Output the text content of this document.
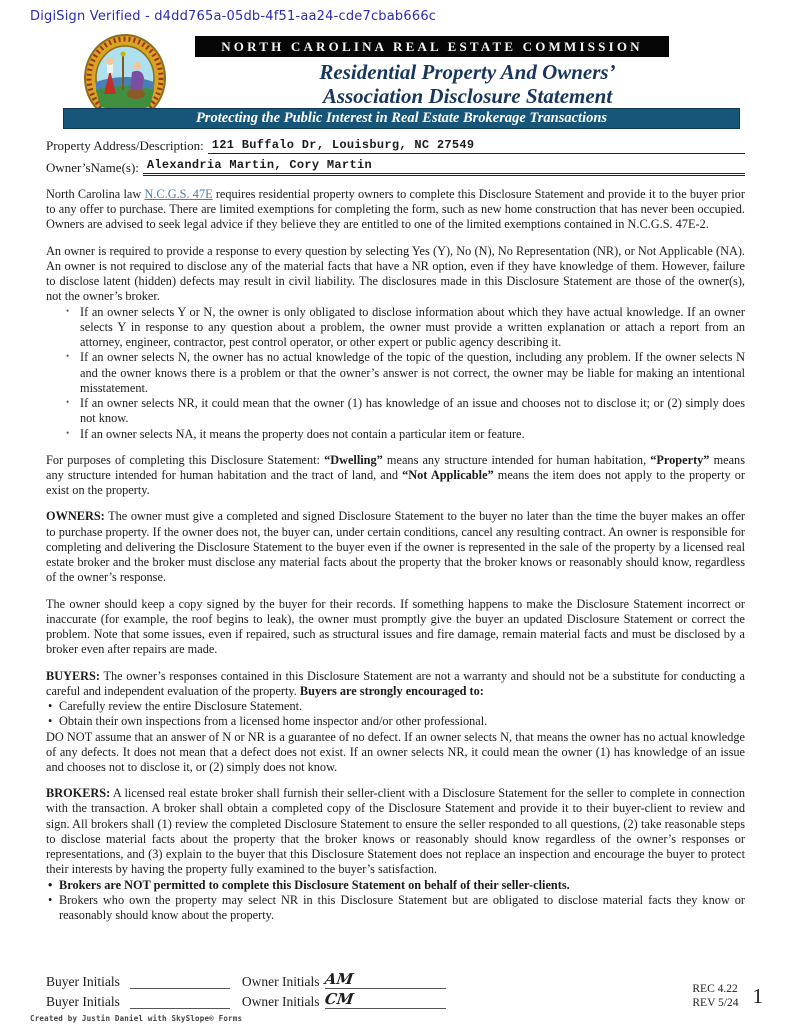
DigiSign Verified - d4dd765a-05db-4f51-aa24-cde7cbab666c
NORTH CAROLINA REAL ESTATE COMMISSION
Residential Property And Owners’
Association Disclosure Statement
Protecting the Public Interest in Real Estate Brokerage Transactions
Property Address/Description: 121 Buffalo Dr, Louisburg, NC 27549
Owner’sName(s): Alexandria Martin, Cory Martin

North Carolina law N.C.G.S. 47E requires residential property owners to complete this Disclosure Statement and provide it to the buyer prior to any offer to purchase. There are limited exemptions for completing the form, such as new home construction that has never been occupied. Owners are advised to seek legal advice if they believe they are entitled to one of the limited exemptions contained in N.C.G.S. 47E-2.

An owner is required to provide a response to every question by selecting Yes (Y), No (N), No Representation (NR), or Not Applicable (NA). An owner is not required to disclose any of the material facts that have a NR option, even if they have knowledge of them. However, failure to disclose latent (hidden) defects may result in civil liability. The disclosures made in this Disclosure Statement are those of the owner(s), not the owner’s broker.

• If an owner selects Y or N, the owner is only obligated to disclose information about which they have actual knowledge. If an owner selects Y in response to any question about a problem, the owner must provide a written explanation or attach a report from an attorney, engineer, contractor, pest control operator, or other expert or public agency describing it.
• If an owner selects N, the owner has no actual knowledge of the topic of the question, including any problem. If the owner selects N and the owner knows there is a problem or that the owner’s answer is not correct, the owner may be liable for making an intentional misstatement.
• If an owner selects NR, it could mean that the owner (1) has knowledge of an issue and chooses not to disclose it; or (2) simply does not know.
• If an owner selects NA, it means the property does not contain a particular item or feature.

For purposes of completing this Disclosure Statement: “Dwelling” means any structure intended for human habitation, “Property” means any structure intended for human habitation and the tract of land, and “Not Applicable” means the item does not apply to the property or exist on the property.

OWNERS: The owner must give a completed and signed Disclosure Statement to the buyer no later than the time the buyer makes an offer to purchase property. If the owner does not, the buyer can, under certain conditions, cancel any resulting contract. An owner is responsible for completing and delivering the Disclosure Statement to the buyer even if the owner is represented in the sale of the property by a licensed real estate broker and the broker must disclose any material facts about the property that the broker knows or reasonably should know, regardless of the owner’s response.

The owner should keep a copy signed by the buyer for their records. If something happens to make the Disclosure Statement incorrect or inaccurate (for example, the roof begins to leak), the owner must promptly give the buyer an updated Disclosure Statement or correct the problem. Note that some issues, even if repaired, such as structural issues and fire damage, remain material facts and must be disclosed by a broker even after repairs are made.

BUYERS: The owner’s responses contained in this Disclosure Statement are not a warranty and should not be a substitute for conducting a careful and independent evaluation of the property. Buyers are strongly encouraged to:

• Carefully review the entire Disclosure Statement.
• Obtain their own inspections from a licensed home inspector and/or other professional.
DO NOT assume that an answer of N or NR is a guarantee of no defect. If an owner selects N, that means the owner has no actual knowledge of any defects. It does not mean that a defect does not exist. If an owner selects NR, it could mean the owner (1) has knowledge of an issue and chooses not to disclose it, or (2) simply does not know.

BROKERS: A licensed real estate broker shall furnish their seller-client with a Disclosure Statement for the seller to complete in connection with the transaction. A broker shall obtain a completed copy of the Disclosure Statement and provide it to their buyer-client to review and sign. All brokers shall (1) review the completed Disclosure Statement to ensure the seller responded to all questions, (2) take reasonable steps to disclose material facts about the property that the broker knows or reasonably should know regardless of the owner’s responses or representations, and (3) explain to the buyer that this Disclosure Statement does not replace an inspection and encourage the buyer to protect their interests by having the property fully examined to the buyer’s satisfaction.

• Brokers are NOT permitted to complete this Disclosure Statement on behalf of their seller-clients.
• Brokers who own the property may select NR in this Disclosure Statement but are obligated to disclose material facts they know or reasonably should know about the property.
Buyer Initials	Owner Initials AM
Buyer Initials	Owner Initials CM
REC 4.22
REV 5/24 1
Created by Justin Daniel with SkySlope® Forms
